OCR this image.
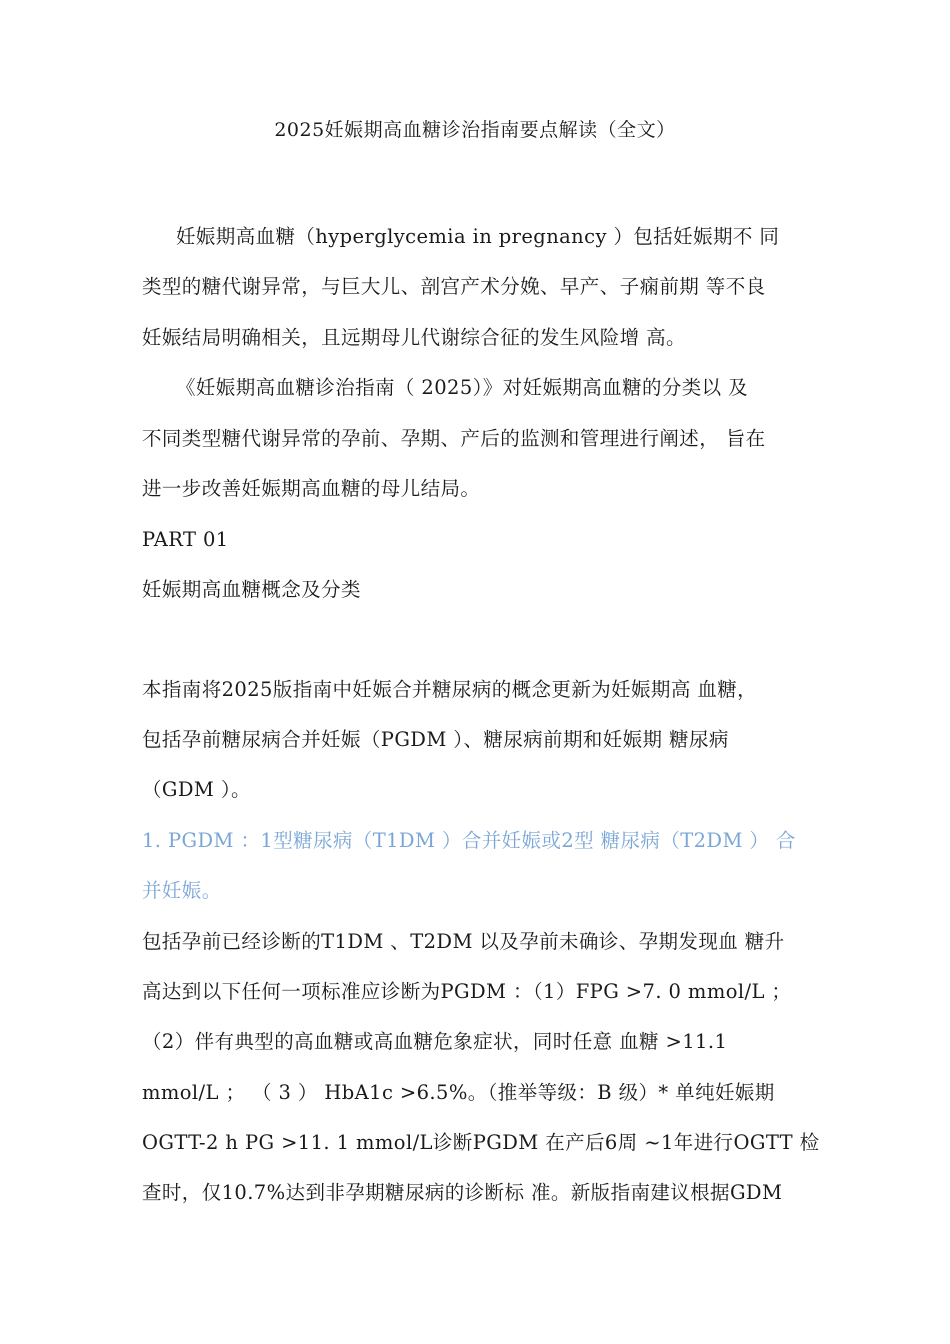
2025妊娠期高血糖诊治指南要点解读（全文）
妊娠期高血糖（hyperglycemia in pregnancy ）包括妊娠期不 同
类型的糖代谢异常，与巨大儿、剖宫产术分娩、早产、子痫前期 等不良
妊娠结局明确相关，且远期母儿代谢综合征的发生风险增 高。
《妊娠期高血糖诊治指南（ 2025）》对妊娠期高血糖的分类以 及
不同类型糖代谢异常的孕前、孕期、产后的监测和管理进行阐述， 旨在
进一步改善妊娠期高血糖的母儿结局。
PART 01
妊娠期高血糖概念及分类
本指南将2025版指南中妊娠合并糖尿病的概念更新为妊娠期高 血糖，
包括孕前糖尿病合并妊娠（PGDM ）、糖尿病前期和妊娠期 糖尿病
（GDM ）。
1. PGDM ：1型糖尿病（T1DM ）合并妊娠或2型 糖尿病（T2DM ） 合
并妊娠。
包括孕前已经诊断的T1DM 、T2DM 以及孕前未确诊、孕期发现血 糖升
高达到以下任何一项标准应诊断为PGDM ：（1）FPG >7. 0 mmol/L ；
（2）伴有典型的高血糖或高血糖危象症状，同时任意 血糖 >11.1
mmol/L ； （ 3 ） HbA1c >6.5%。（推举等级：B 级）* 单纯妊娠期
OGTT-2 h PG >11. 1 mmol/L诊断PGDM 在产后6周 ~1年进行OGTT 检
查时，仅10.7%达到非孕期糖尿病的诊断标 准。新版指南建议根据GDM
